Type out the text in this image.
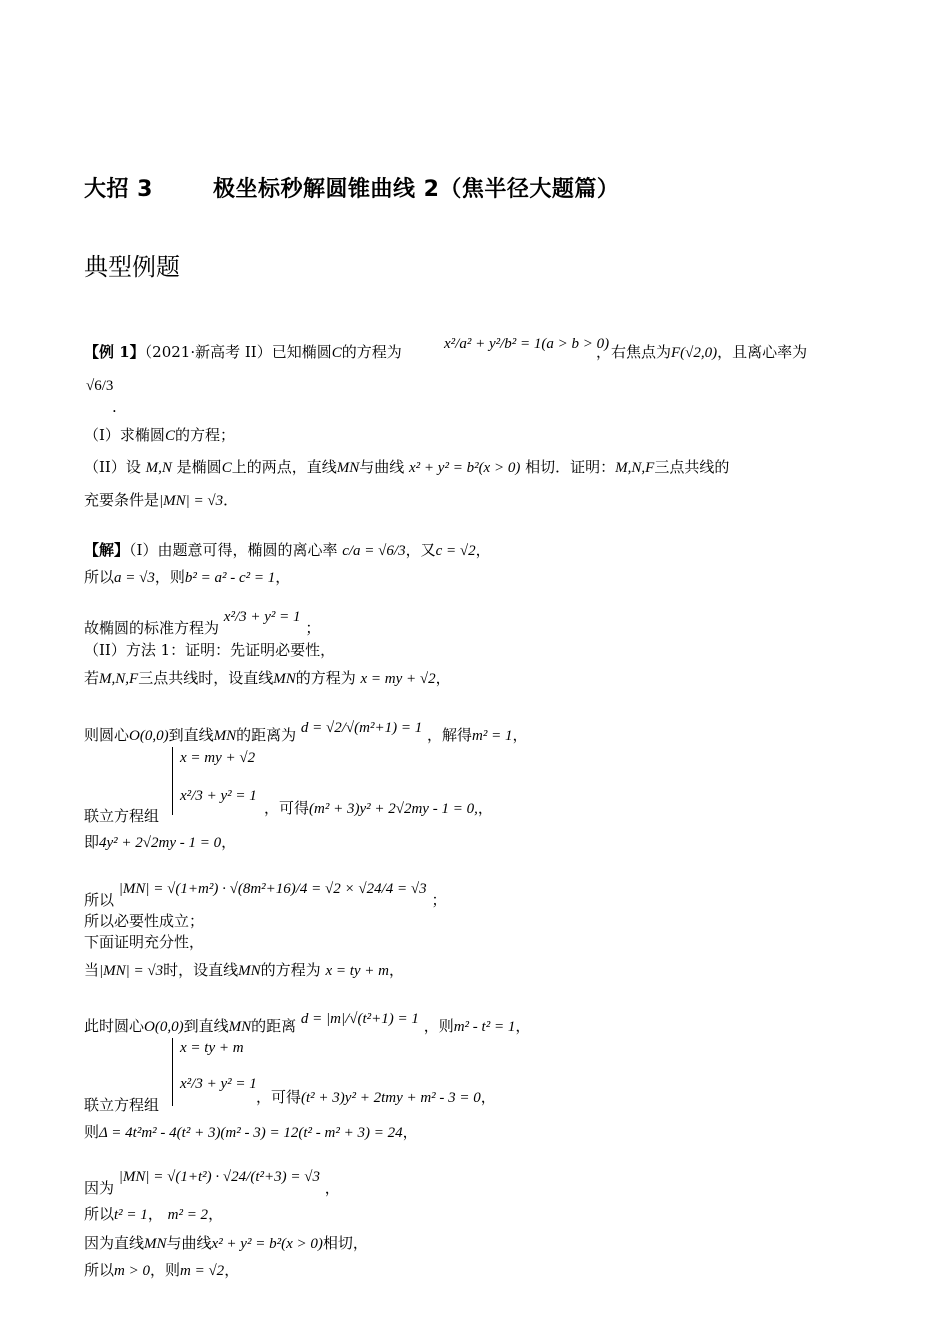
大招 3	极坐标秒解圆锥曲线 2（焦半径大题篇）
典型例题
【例 1】（2021·新高考 II）已知椭圆C的方程为	x²/a² + y²/b² = 1(a > b > 0)
，右焦点为F(√2,0)，且离心率为
√6/3
.
（I）求椭圆C的方程；
（II）设 M,N 是椭圆C上的两点，直线MN与曲线 x² + y² = b²(x > 0) 相切．证明：M,N,F三点共线的
充要条件是|MN| = √3．
【解】（I）由题意可得，椭圆的离心率 c/a = √6/3，又c = √2，
所以a = √3，则b² = a² - c² = 1，
故椭圆的标准方程为 x²/3 + y² = 1 ；
（II）方法 1：证明：先证明必要性，
若M,N,F三点共线时，设直线MN的方程为 x = my + √2，
则圆心O(0,0)到直线MN的距离为 d = √2/√(m²+1) = 1 ，解得m² = 1，
x = my + √2
x²/3 + y² = 1
联立方程组	，可得(m² + 3)y² + 2√2my - 1 = 0,，
即4y² + 2√2my - 1 = 0，
所以 |MN| = √(1+m²) · √(8m²+16)/4 = √2 × √24/4 = √3 ；
所以必要性成立；
下面证明充分性，
当|MN| = √3时，设直线MN的方程为 x = ty + m，
此时圆心O(0,0)到直线MN的距离 d = |m|/√(t²+1) = 1 ，则m² - t² = 1，
x = ty + m
x²/3 + y² = 1
联立方程组	，可得(t² + 3)y² + 2tmy + m² - 3 = 0，
则Δ = 4t²m² - 4(t² + 3)(m² - 3) = 12(t² - m² + 3) = 24，
因为 |MN| = √(1+t²) · √24/(t²+3) = √3 ，
所以t² = 1， m² = 2，
因为直线MN与曲线x² + y² = b²(x > 0)相切，
所以m > 0，则m = √2，
